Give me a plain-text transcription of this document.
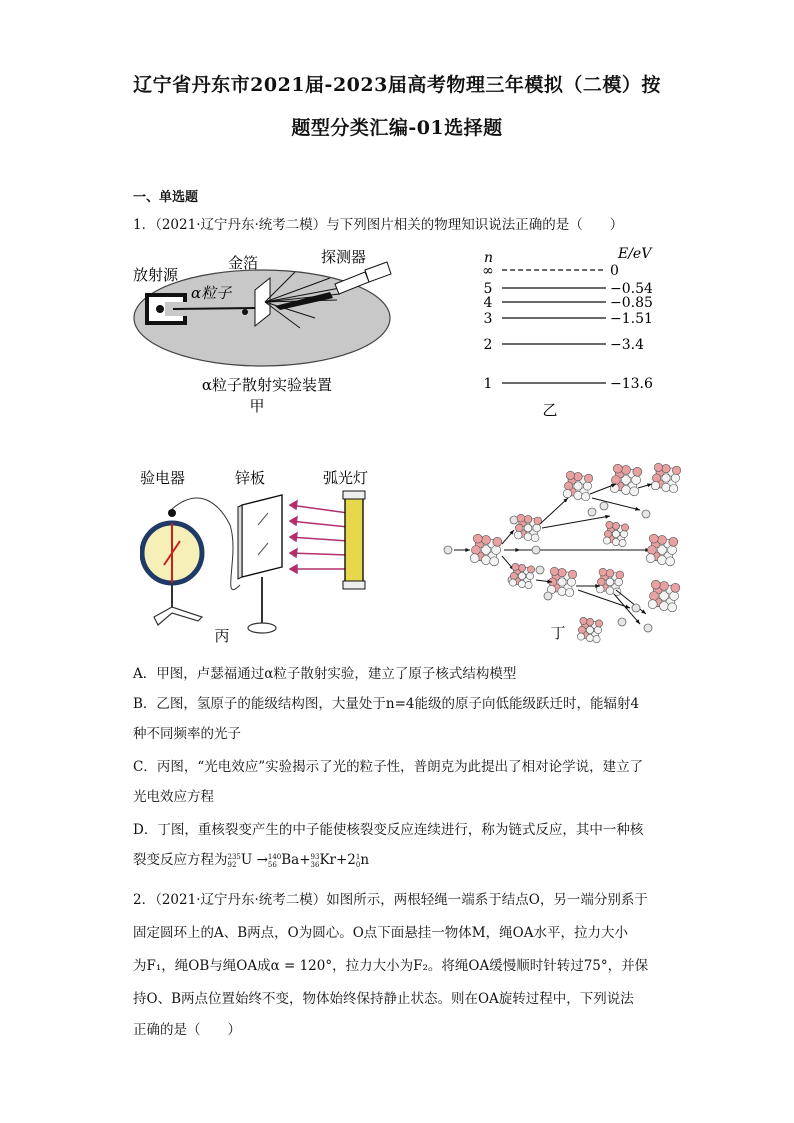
辽宁省丹东市2021届-2023届高考物理三年模拟（二模）按
题型分类汇编-01选择题
一、单选题
1．（2021·辽宁丹东·统考二模）与下列图片相关的物理知识说法正确的是（　　）
放射源
金箔	探测器
α粒子
α粒子散射实验装置
甲
n	E/eV
∞	0
5	−0.54
4	−0.85
3	−1.51
2	−3.4
1	−13.6
乙
验电器	锌板	弧光灯
丙	丁
A．甲图，卢瑟福通过α粒子散射实验，建立了原子核式结构模型
B．乙图，氢原子的能级结构图，大量处于n=4能级的原子向低能级跃迁时，能辐射4
种不同频率的光子
C．丙图，“光电效应”实验揭示了光的粒子性，普朗克为此提出了相对论学说，建立了
光电效应方程
D．丁图，重核裂变产生的中子能使核裂变反应连续进行，称为链式反应，其中一种核
裂变反应方程为 235
92 U → 140
56 Ba+ 93
36 Kr+2 1
0 n
2．（2021·辽宁丹东·统考二模）如图所示，两根轻绳一端系于结点O，另一端分别系于
固定圆环上的A、B两点，O为圆心。O点下面悬挂一物体M，绳OA水平，拉力大小
为F₁，绳OB与绳OA成α = 120°，拉力大小为F₂。将绳OA缓慢顺时针转过75°，并保
持O、B两点位置始终不变，物体始终保持静止状态。则在OA旋转过程中，下列说法
正确的是（　　）
